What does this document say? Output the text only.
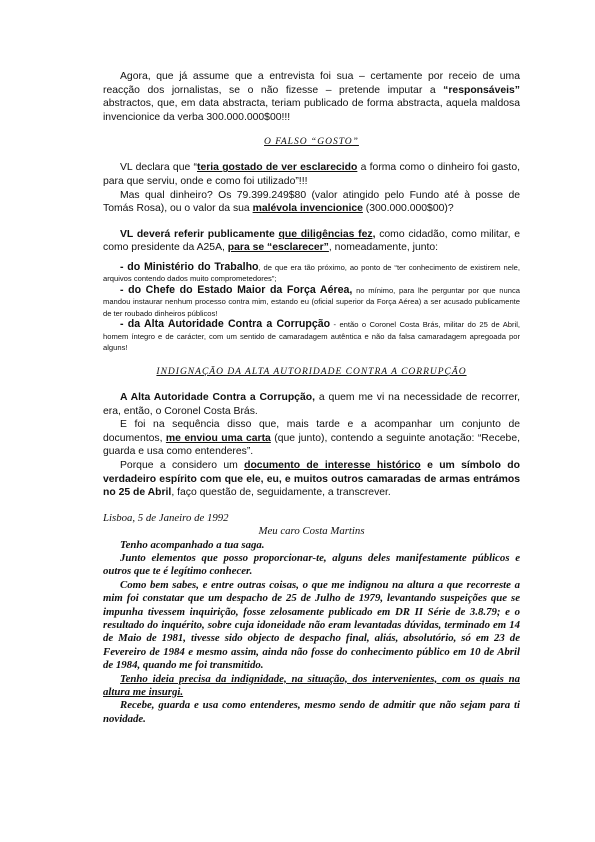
Agora, que já assume que a entrevista foi sua – certamente por receio de uma reacção dos jornalistas, se o não fizesse – pretende imputar a “responsáveis” abstractos, que, em data abstracta, teriam publicado de forma abstracta, aquela maldosa invencionice da verba 300.000.000$00!!!

O FALSO “GOSTO”

VL declara que “teria gostado de ver esclarecido a forma como o dinheiro foi gasto, para que serviu, onde e como foi utilizado”!!!

Mas qual dinheiro? Os 79.399.249$80 (valor atingido pelo Fundo até à posse de Tomás Rosa), ou o valor da sua malévola invencionice (300.000.000$00)?

VL deverá referir publicamente que diligências fez, como cidadão, como militar, e como presidente da A25A, para se “esclarecer”, nomeadamente, junto:

- do Ministério do Trabalho, de que era tão próximo, ao ponto de “ter conhecimento de existirem nele, arquivos contendo dados muito comprometedores”;

- do Chefe do Estado Maior da Força Aérea, no mínimo, para lhe perguntar por que nunca mandou instaurar nenhum processo contra mim, estando eu (oficial superior da Força Aérea) a ser acusado publicamente de ter roubado dinheiros públicos!

- da Alta Autoridade Contra a Corrupção - então o Coronel Costa Brás, militar do 25 de Abril, homem íntegro e de carácter, com um sentido de camaradagem autêntica e não da falsa camaradagem apregoada por alguns!

INDIGNAÇÃO DA ALTA AUTORIDADE CONTRA A CORRUPÇÃO

A Alta Autoridade Contra a Corrupção, a quem me vi na necessidade de recorrer, era, então, o Coronel Costa Brás.

E foi na sequência disso que, mais tarde e a acompanhar um conjunto de documentos, me enviou uma carta (que junto), contendo a seguinte anotação: “Recebe, guarda e usa como entenderes”.

Porque a considero um documento de interesse histórico e um símbolo do verdadeiro espírito com que ele, eu, e muitos outros camaradas de armas entrámos no 25 de Abril, faço questão de, seguidamente, a transcrever.

Lisboa, 5 de Janeiro de 1992

Meu caro Costa Martins

Tenho acompanhado a tua saga.

Junto elementos que posso proporcionar-te, alguns deles manifestamente públicos e outros que te é legítimo conhecer.

Como bem sabes, e entre outras coisas, o que me indignou na altura a que recorreste a mim foi constatar que um despacho de 25 de Julho de 1979, levantando suspeições que se impunha tivessem inquirição, fosse zelosamente publicado em DR II Série de 3.8.79; e o resultado do inquérito, sobre cuja idoneidade não eram levantadas dúvidas, terminado em 14 de Maio de 1981, tivesse sido objecto de despacho final, aliás, absolutório, só em 23 de Fevereiro de 1984 e mesmo assim, ainda não fosse do conhecimento público em 10 de Abril de 1984, quando me foi transmitido.

Tenho ideia precisa da indignidade, na situação, dos intervenientes, com os quais na altura me insurgi.

Recebe, guarda e usa como entenderes, mesmo sendo de admitir que não sejam para ti novidade.
